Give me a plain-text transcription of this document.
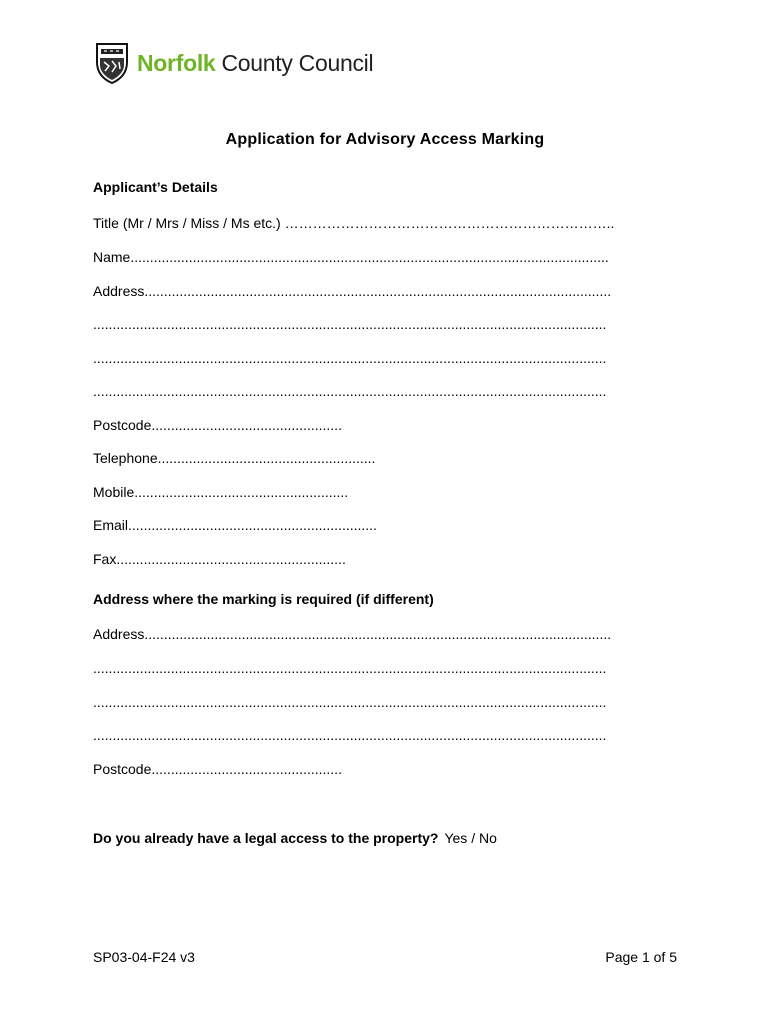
Norfolk County Council
Application for Advisory Access Marking
Applicant’s Details
Title (Mr / Mrs / Miss / Ms etc.) ……………………………………………………………..
Name...........................................................................................................................
Address........................................................................................................................
....................................................................................................................................
....................................................................................................................................
....................................................................................................................................
Postcode.................................................
Telephone........................................................
Mobile.......................................................
Email................................................................
Fax...........................................................
Address where the marking is required (if different)
Address........................................................................................................................
....................................................................................................................................
....................................................................................................................................
....................................................................................................................................
Postcode.................................................
Do you already have a legal access to the property? Yes / No
SP03-04-F24 v3	Page 1 of 5
